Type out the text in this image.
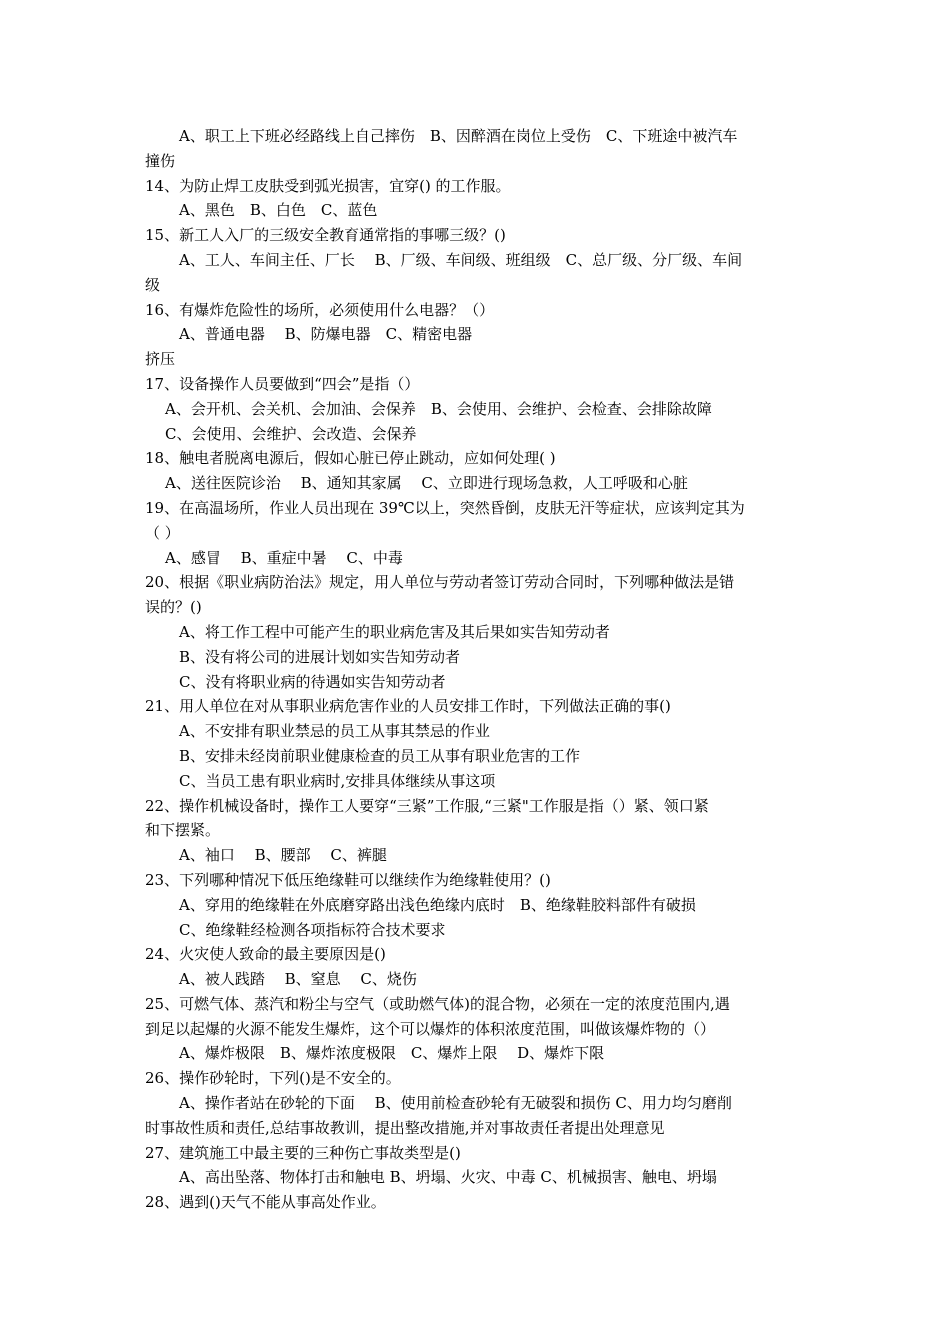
A、职工上下班必经路线上自己摔伤　B、因醉酒在岗位上受伤　C、下班途中被汽车
撞伤
14、为防止焊工皮肤受到弧光损害，宜穿() 的工作服。
A、黑色　B、白色　C、蓝色
15、新工人入厂的三级安全教育通常指的事哪三级？()
A、工人、车间主任、厂长　 B、厂级、车间级、班组级　C、总厂级、分厂级、车间
级
16、有爆炸危险性的场所，必须使用什么电器？（）
A、普通电器　 B、防爆电器　C、精密电器
挤压
17、设备操作人员要做到“四会”是指（）
A、会开机、会关机、会加油、会保养　B、会使用、会维护、会检查、会排除故障
C、会使用、会维护、会改造、会保养
18、触电者脱离电源后，假如心脏已停止跳动，应如何处理( )
A、送往医院诊治　 B、通知其家属　 C、立即进行现场急救，人工呼吸和心脏
19、在高温场所，作业人员出现在 39℃以上，突然昏倒，皮肤无汗等症状，应该判定其为
（ ）
A、感冒　 B、重症中暑　 C、中毒
20、根据《职业病防治法》规定，用人单位与劳动者签订劳动合同时，下列哪种做法是错
误的？()
A、将工作工程中可能产生的职业病危害及其后果如实告知劳动者
B、没有将公司的进展计划如实告知劳动者
C、没有将职业病的待遇如实告知劳动者
21、用人单位在对从事职业病危害作业的人员安排工作时，下列做法正确的事()
A、不安排有职业禁忌的员工从事其禁忌的作业
B、安排未经岗前职业健康检查的员工从事有职业危害的工作
C、当员工患有职业病时,安排具体继续从事这项
22、操作机械设备时，操作工人要穿“三紧”工作服,“三紧"工作服是指（）紧、领口紧
和下摆紧。
A、袖口　 B、腰部　 C、裤腿
23、下列哪种情况下低压绝缘鞋可以继续作为绝缘鞋使用？()
A、穿用的绝缘鞋在外底磨穿路出浅色绝缘内底时　B、绝缘鞋胶料部件有破损
C、绝缘鞋经检测各项指标符合技术要求
24、火灾使人致命的最主要原因是()
A、被人践踏　 B、窒息　 C、烧伤
25、可燃气体、蒸汽和粉尘与空气（或助燃气体)的混合物，必须在一定的浓度范围内,遇
到足以起爆的火源不能发生爆炸，这个可以爆炸的体积浓度范围，叫做该爆炸物的（）
A、爆炸极限　B、爆炸浓度极限　C、爆炸上限　 D、爆炸下限
26、操作砂轮时，下列()是不安全的。
A、操作者站在砂轮的下面　 B、使用前检查砂轮有无破裂和损伤 C、用力均匀磨削
时事故性质和责任,总结事故教训，提出整改措施,并对事故责任者提出处理意见
27、建筑施工中最主要的三种伤亡事故类型是()
A、高出坠落、物体打击和触电 B、坍塌、火灾、中毒 C、机械损害、触电、坍塌
28、遇到()天气不能从事高处作业。
